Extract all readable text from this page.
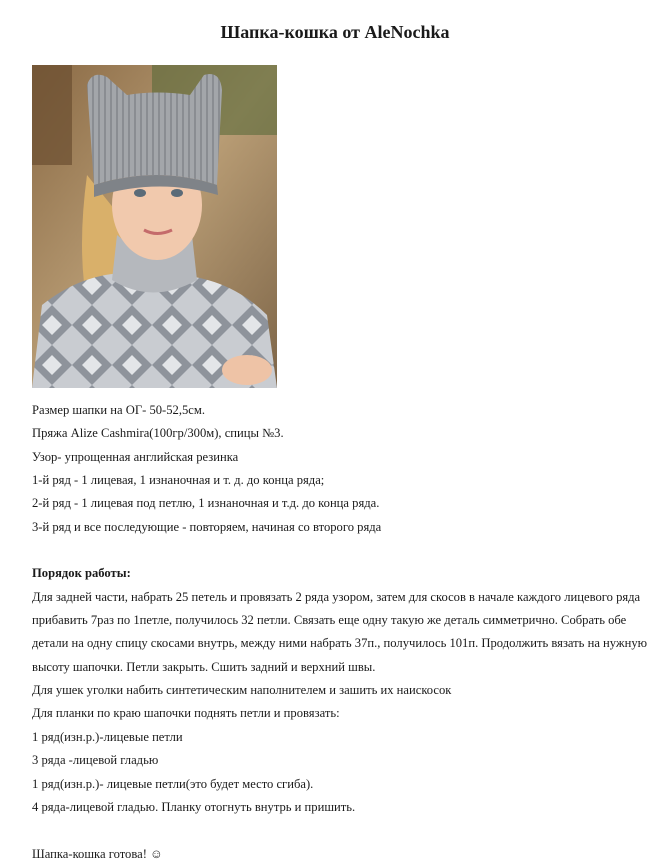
Шапка-кошка от AleNochka
Размер шапки на ОГ- 50-52,5см.
Пряжа Alize Cashmira(100гр/300м), спицы №3.
Узор- упрощенная английская резинка
1-й ряд - 1 лицевая, 1 изнаночная и т. д. до конца ряда;
2-й ряд - 1 лицевая под петлю, 1 изнаночная и т.д. до конца ряда.
3-й ряд и все последующие - повторяем, начиная со второго ряда
Порядок работы:
Для задней части, набрать 25 петель и провязать 2 ряда узором, затем для скосов в начале каждого лицевого ряда
прибавить 7раз по 1петле, получилось 32 петли. Связать еще одну такую же деталь симметрично. Собрать обе
детали на одну спицу скосами внутрь, между ними набрать 37п., получилось 101п. Продолжить вязать на нужную
высоту шапочки. Петли закрыть. Сшить задний и верхний швы.
Для ушек уголки набить синтетическим наполнителем и зашить их наискосок
Для планки по краю шапочки поднять петли и провязать:
1 ряд(изн.р.)-лицевые петли
3 ряда -лицевой гладью
1 ряд(изн.р.)- лицевые петли(это будет место сгиба).
4 ряда-лицевой гладью. Планку отогнуть внутрь и пришить.
Шапка-кошка готова! ☺
